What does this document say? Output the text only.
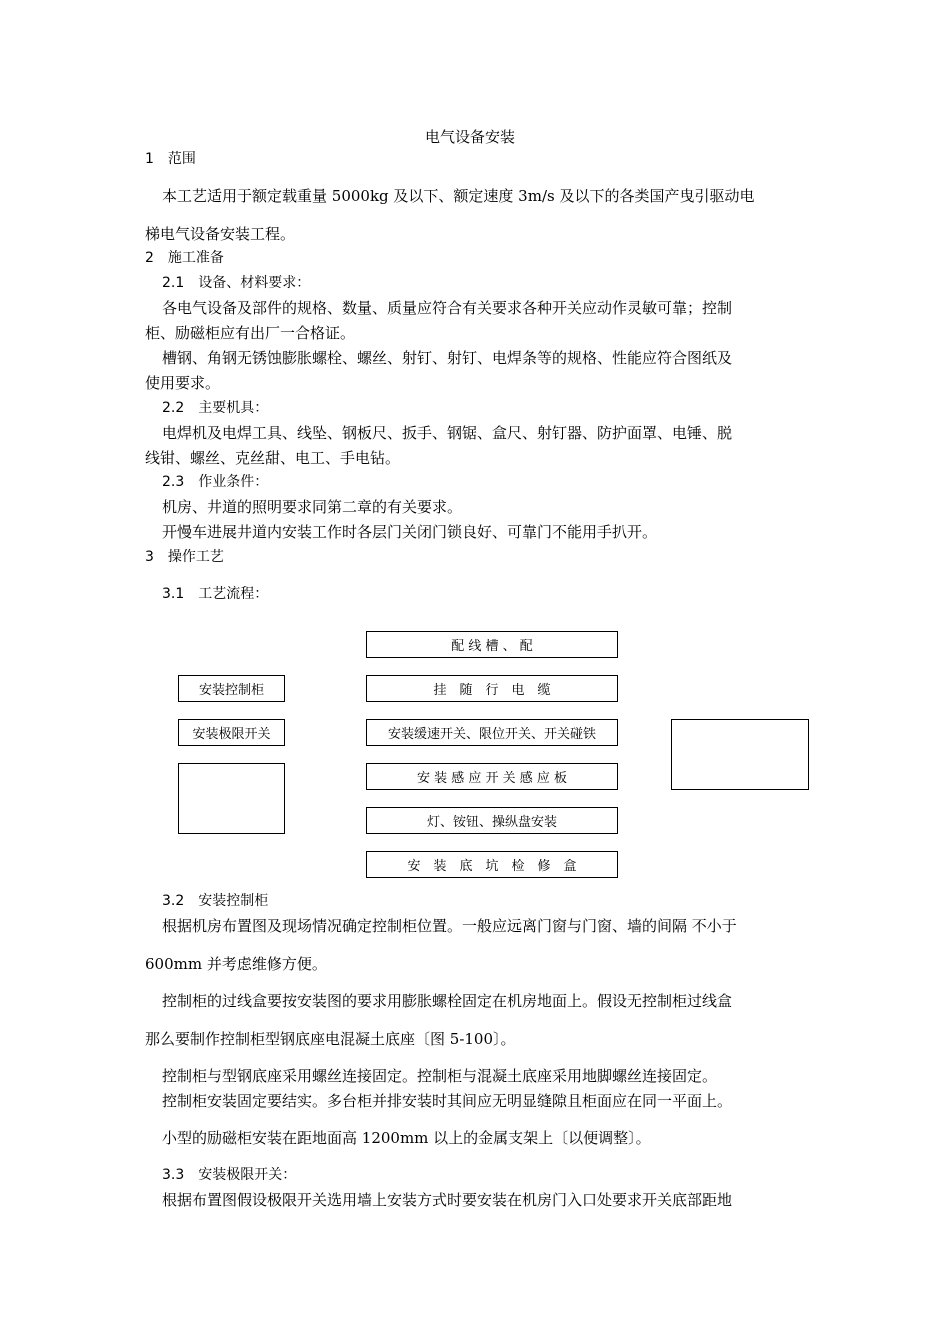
电气设备安装
1　范围
本工艺适用于额定载重量 5000kg 及以下、额定速度 3m/s 及以下的各类国产曳引驱动电
梯电气设备安装工程。
2　施工准备
2.1　设备、材料要求：
各电气设备及部件的规格、数量、质量应符合有关要求各种开关应动作灵敏可靠；控制
柜、励磁柜应有出厂一合格证。
槽钢、角钢无锈蚀膨胀螺栓、螺丝、射钉、射钉、电焊条等的规格、性能应符合图纸及
使用要求。
2.2　主要机具：
电焊机及电焊工具、线坠、钢板尺、扳手、钢锯、盒尺、射钉器、防护面罩、电锤、脱
线钳、螺丝、克丝甜、电工、手电钻。
2.3　作业条件：
机房、井道的照明要求同第二章的有关要求。
开慢车进展井道内安装工作时各层门关闭门锁良好、可靠门不能用手扒开。
3　操作工艺
3.1　工艺流程：
安装控制柜
安装极限开关
配 线 槽 、 配
挂　随　行　电　缆
安装缓速开关、限位开关、开关碰铁
安 装 感 应 开 关 感 应 板
灯、铵钮、操纵盘安装
安　装　底　坑　检　修　盒
3.2　安装控制柜
根据机房布置图及现场情况确定控制柜位置。一般应远离门窗与门窗、墙的间隔 不小于
600mm 并考虑维修方便。
控制柜的过线盒要按安装图的要求用膨胀螺栓固定在机房地面上。假设无控制柜过线盒
那么要制作控制柜型钢底座电混凝土底座〔图 5-100〕。
控制柜与型钢底座采用螺丝连接固定。控制柜与混凝土底座采用地脚螺丝连接固定。
控制柜安装固定要结实。多台柜并排安装时其间应无明显缝隙且柜面应在同一平面上。
小型的励磁柜安装在距地面高 1200mm 以上的金属支架上〔以便调整〕。
3.3　安装极限开关：
根据布置图假设极限开关选用墙上安装方式时要安装在机房门入口处要求开关底部距地
